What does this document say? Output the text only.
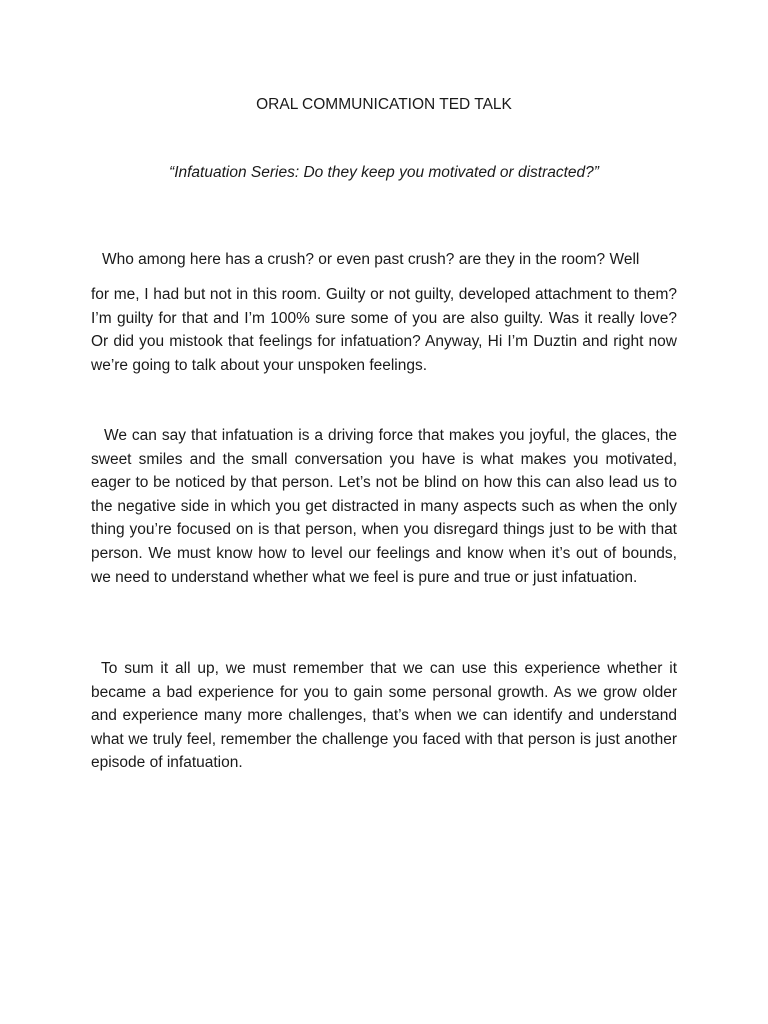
ORAL COMMUNICATION TED TALK

“Infatuation Series: Do they keep you motivated or distracted?”

Who among here has a crush? or even past crush? are they in the room? Well

for me, I had but not in this room. Guilty or not guilty, developed attachment to them? I’m guilty for that and I’m 100% sure some of you are also guilty. Was it really love? Or did you mistook that feelings for infatuation? Anyway, Hi I’m Duztin and right now we’re going to talk about your unspoken feelings.

We can say that infatuation is a driving force that makes you joyful, the glaces, the sweet smiles and the small conversation you have is what makes you motivated, eager to be noticed by that person. Let’s not be blind on how this can also lead us to the negative side in which you get distracted in many aspects such as when the only thing you’re focused on is that person, when you disregard things just to be with that person. We must know how to level our feelings and know when it’s out of bounds, we need to understand whether what we feel is pure and true or just infatuation.

To sum it all up, we must remember that we can use this experience whether it became a bad experience for you to gain some personal growth. As we grow older and experience many more challenges, that’s when we can identify and understand what we truly feel, remember the challenge you faced with that person is just another episode of infatuation.
